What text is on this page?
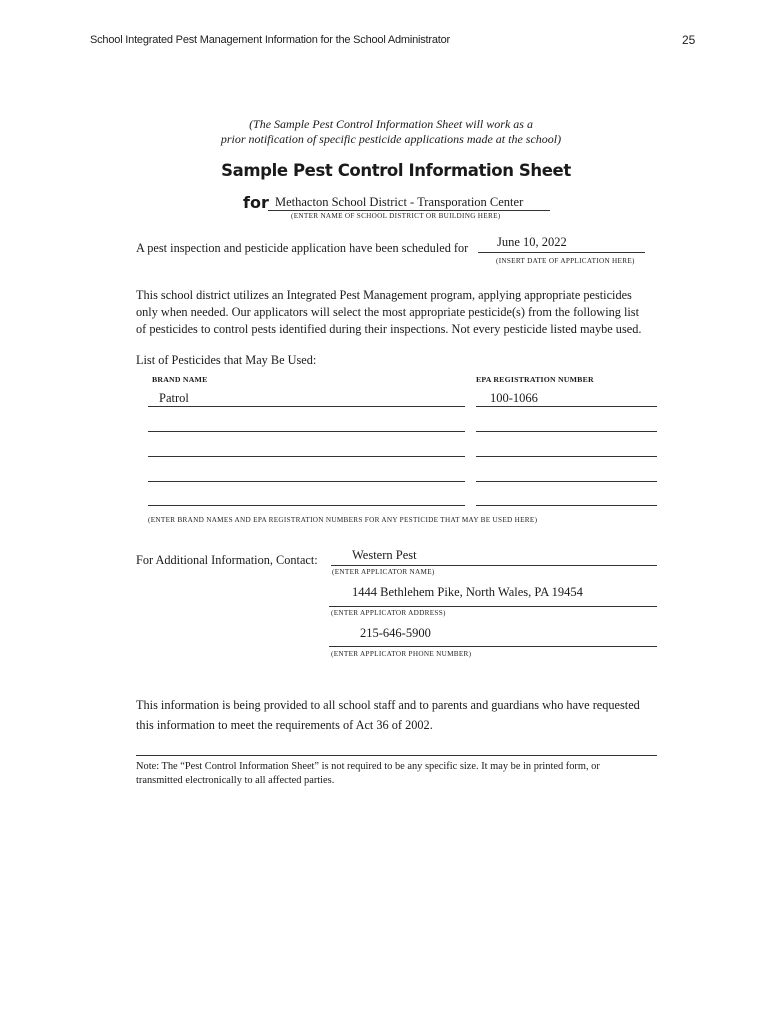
School Integrated Pest Management Information for the School Administrator	25
(The Sample Pest Control Information Sheet will work as a
prior notification of specific pesticide applications made at the school)
Sample Pest Control Information Sheet
for Methacton School District - Transporation Center
(ENTER NAME OF SCHOOL DISTRICT OR BUILDING HERE)
A pest inspection and pesticide application have been scheduled for June 10, 2022
(INSERT DATE OF APPLICATION HERE)
This school district utilizes an Integrated Pest Management program, applying appropriate pesticides
only when needed. Our applicators will select the most appropriate pesticide(s) from the following list
of pesticides to control pests identified during their inspections. Not every pesticide listed maybe used.
List of Pesticides that May Be Used:
BRAND NAME	EPA REGISTRATION NUMBER
Patrol	100-1066
(ENTER BRAND NAMES AND EPA REGISTRATION NUMBERS FOR ANY PESTICIDE THAT MAY BE USED HERE)
For Additional Information, Contact:	Western Pest
(ENTER APPLICATOR NAME)
1444 Bethlehem Pike, North Wales, PA 19454
(ENTER APPLICATOR ADDRESS)
215-646-5900
(ENTER APPLICATOR PHONE NUMBER)
This information is being provided to all school staff and to parents and guardians who have requested
this information to meet the requirements of Act 36 of 2002.
Note: The “Pest Control Information Sheet” is not required to be any specific size. It may be in printed form, or
transmitted electronically to all affected parties.
